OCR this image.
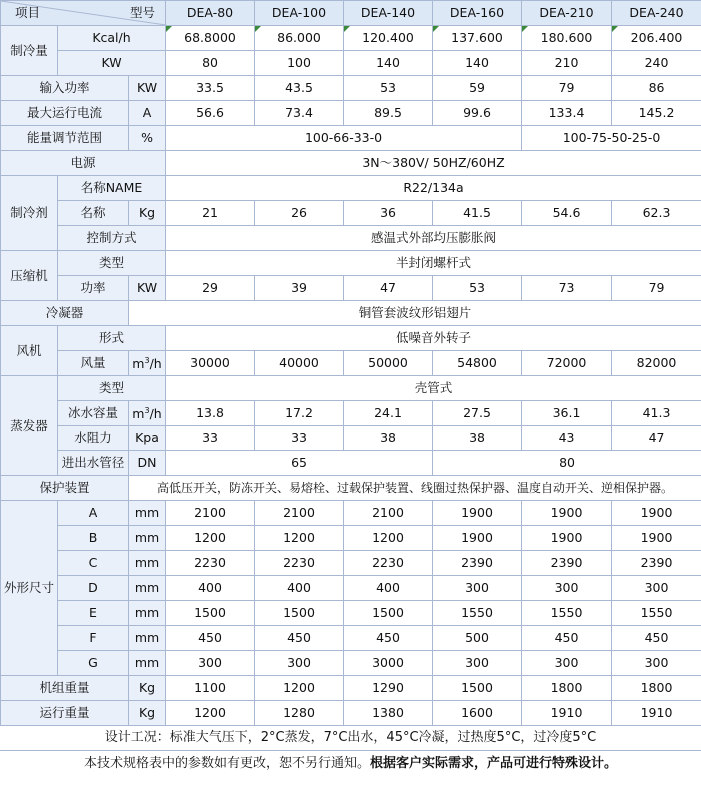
项目 型号			DEA-80	DEA-100	DEA-140	DEA-160	DEA-210	DEA-240
制冷量	Kcal/h		68.8000	86.000	120.400	137.600	180.600	206.400
	KW		80	100	140	140	210	240
输入功率		KW	33.5	43.5	53	59	79	86
最大运行电流		A	56.6	73.4	89.5	99.6	133.4	145.2
能量调节范围		%	100-66-33-0				100-75-50-25-0	
电源			3N～380V/ 50HZ/60HZ					
制冷剂	名称NAME		R22/134a					
	名称	Kg	21	26	36	41.5	54.6	62.3
	控制方式		感温式外部均压膨胀阀					
压缩机	类型		半封闭螺杆式					
	功率	KW	29	39	47	53	73	79
冷凝器		铜管套波纹形铝翅片						
风机	形式		低噪音外转子					
	风量	$m^3/h$	30000	40000	50000	54800	72000	82000
蒸发器	类型		壳管式					
	冰水容量	$m^3/h$	13.8	17.2	24.1	27.5	36.1	41.3
	水阻力	Kpa	33	33	38	38	43	47
	进出水管径	DN	65			80		
保护装置		高低压开关，防冻开关、易熔栓、过载保护装置、线圈过热保护器、温度自动开关、逆相保护器。						
外形尺寸	A	mm	2100	2100	2100	1900	1900	1900
	B	mm	1200	1200	1200	1900	1900	1900
	C	mm	2230	2230	2230	2390	2390	2390
	D	mm	400	400	400	300	300	300
	E	mm	1500	1500	1500	1550	1550	1550
	F	mm	450	450	450	500	450	450
	G	mm	300	300	3000	300	300	300
机组重量		Kg	1100	1200	1290	1500	1800	1800
运行重量		Kg	1200	1280	1380	1600	1910	1910
设计工况：标准大气压下，2°C蒸发，7°C出水，45°C冷凝，过热度5°C，过冷度5°C
本技术规格表中的参数如有更改，恕不另行通知。根据客户实际需求，产品可进行特殊设计。
